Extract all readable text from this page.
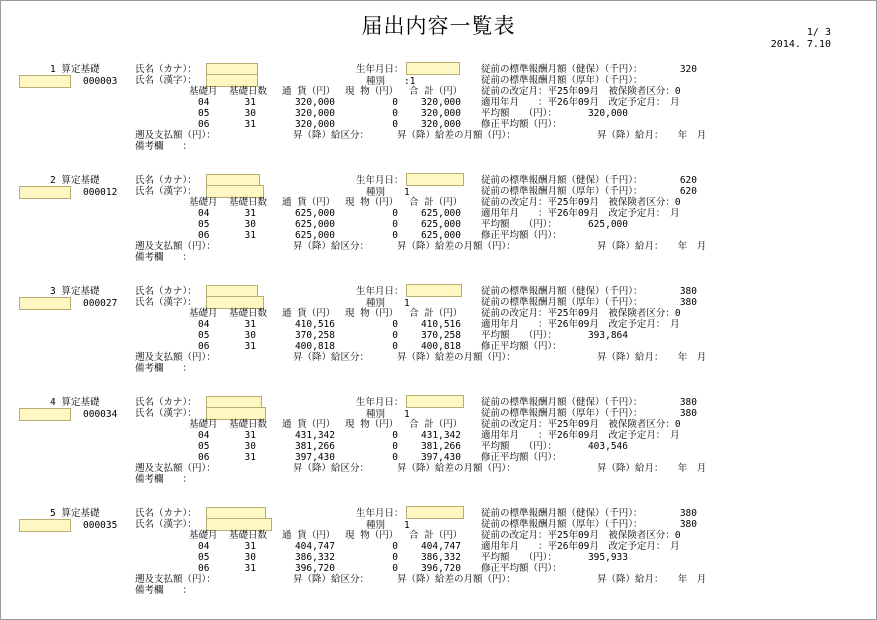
届出内容一覧表	1/ 3
2014. 7.10
1 算定基礎
000003
氏名（カナ）：
氏名（漢字）：
生年月日：
種別 :1
従前の標準報酬月額（健保）（千円）：	320
従前の標準報酬月額（厚年）（千円）：
従前の改定月：平25年09月　被保険者区分：0
適用年月　　：平26年09月　改定予定月：　月
平均額　　（円）：	320,000
修正平均額（円）：
基礎月 基礎日数 通 貨（円） 現 物（円） 合 計（円）
04	31	320,000	0 320,000
05	30	320,000	0 320,000
06	31	320,000	0 320,000
遡及支払額（円）：	昇（降）給区分：	昇（降）給差の月額（円）：	昇（降）給月：　　年　月
備考欄　　：
2 算定基礎
000012
氏名（カナ）：
氏名（漢字）：
生年月日：
種別 1
従前の標準報酬月額（健保）（千円）：	620
従前の標準報酬月額（厚年）（千円）：	620
従前の改定月：平25年09月　被保険者区分：0
適用年月　　：平26年09月　改定予定月：　月
平均額　　（円）：	625,000
修正平均額（円）：
基礎月 基礎日数 通 貨（円） 現 物（円） 合 計（円）
04	31	625,000	0 625,000
05	30	625,000	0 625,000
06	31	625,000	0 625,000
遡及支払額（円）：	昇（降）給区分：	昇（降）給差の月額（円）：	昇（降）給月：　　年　月
備考欄　　：
3 算定基礎
000027
氏名（カナ）：
氏名（漢字）：
生年月日：
種別 1
従前の標準報酬月額（健保）（千円）：	380
従前の標準報酬月額（厚年）（千円）：	380
従前の改定月：平25年09月　被保険者区分：0
適用年月　　：平26年09月　改定予定月：　月
平均額　　（円）：	393,864
修正平均額（円）：
基礎月 基礎日数 通 貨（円） 現 物（円） 合 計（円）
04	31	410,516	0 410,516
05	30	370,258	0 370,258
06	31	400,818	0 400,818
遡及支払額（円）：	昇（降）給区分：	昇（降）給差の月額（円）：	昇（降）給月：　　年　月
備考欄　　：
4 算定基礎
000034
氏名（カナ）：
氏名（漢字）：
生年月日：
種別 1
従前の標準報酬月額（健保）（千円）：	380
従前の標準報酬月額（厚年）（千円）：	380
従前の改定月：平25年09月　被保険者区分：0
適用年月　　：平26年09月　改定予定月：　月
平均額　　（円）：	403,546
修正平均額（円）：
基礎月 基礎日数 通 貨（円） 現 物（円） 合 計（円）
04	31	431,342	0 431,342
05	30	381,266	0 381,266
06	31	397,430	0 397,430
遡及支払額（円）：	昇（降）給区分：	昇（降）給差の月額（円）：	昇（降）給月：　　年　月
備考欄　　：
5 算定基礎
000035
氏名（カナ）：
氏名（漢字）：
生年月日：
種別 1
従前の標準報酬月額（健保）（千円）：	380
従前の標準報酬月額（厚年）（千円）：	380
従前の改定月：平25年09月　被保険者区分：0
適用年月　　：平26年09月　改定予定月：　月
平均額　　（円）：	395,933
修正平均額（円）：
基礎月 基礎日数 通 貨（円） 現 物（円） 合 計（円）
04	31	404,747	0 404,747
05	30	386,332	0 386,332
06	31	396,720	0 396,720
遡及支払額（円）：	昇（降）給区分：	昇（降）給差の月額（円）：	昇（降）給月：　　年　月
備考欄　　：
